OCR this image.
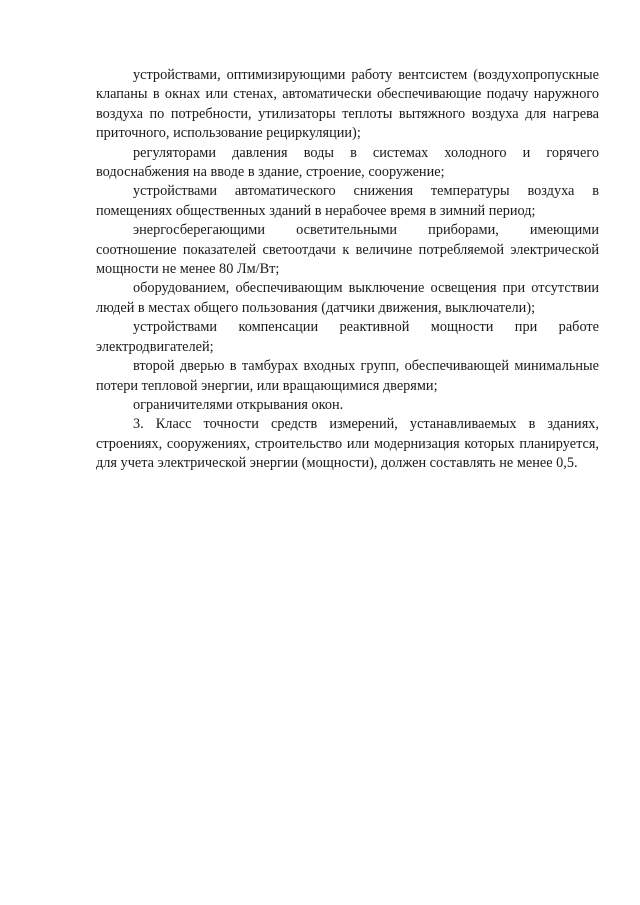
устройствами, оптимизирующими работу вентсистем (воздухопропускные клапаны в окнах или стенах, автоматически обеспечивающие подачу наружного воздуха по потребности, утилизаторы теплоты вытяжного воздуха для нагрева приточного, использование рециркуляции);

регуляторами давления воды в системах холодного и горячего водоснабжения на вводе в здание, строение, сооружение;

устройствами автоматического снижения температуры воздуха в помещениях общественных зданий в нерабочее время в зимний период;

энергосберегающими осветительными приборами, имеющими соотношение показателей светоотдачи к величине потребляемой электрической мощности не менее 80 Лм/Вт;

оборудованием, обеспечивающим выключение освещения при отсутствии людей в местах общего пользования (датчики движения, выключатели);

устройствами компенсации реактивной мощности при работе электродвигателей;

второй дверью в тамбурах входных групп, обеспечивающей минимальные потери тепловой энергии, или вращающимися дверями;

ограничителями открывания окон.

3. Класс точности средств измерений, устанавливаемых в зданиях, строениях, сооружениях, строительство или модернизация которых планируется, для учета электрической энергии (мощности), должен составлять не менее 0,5.
